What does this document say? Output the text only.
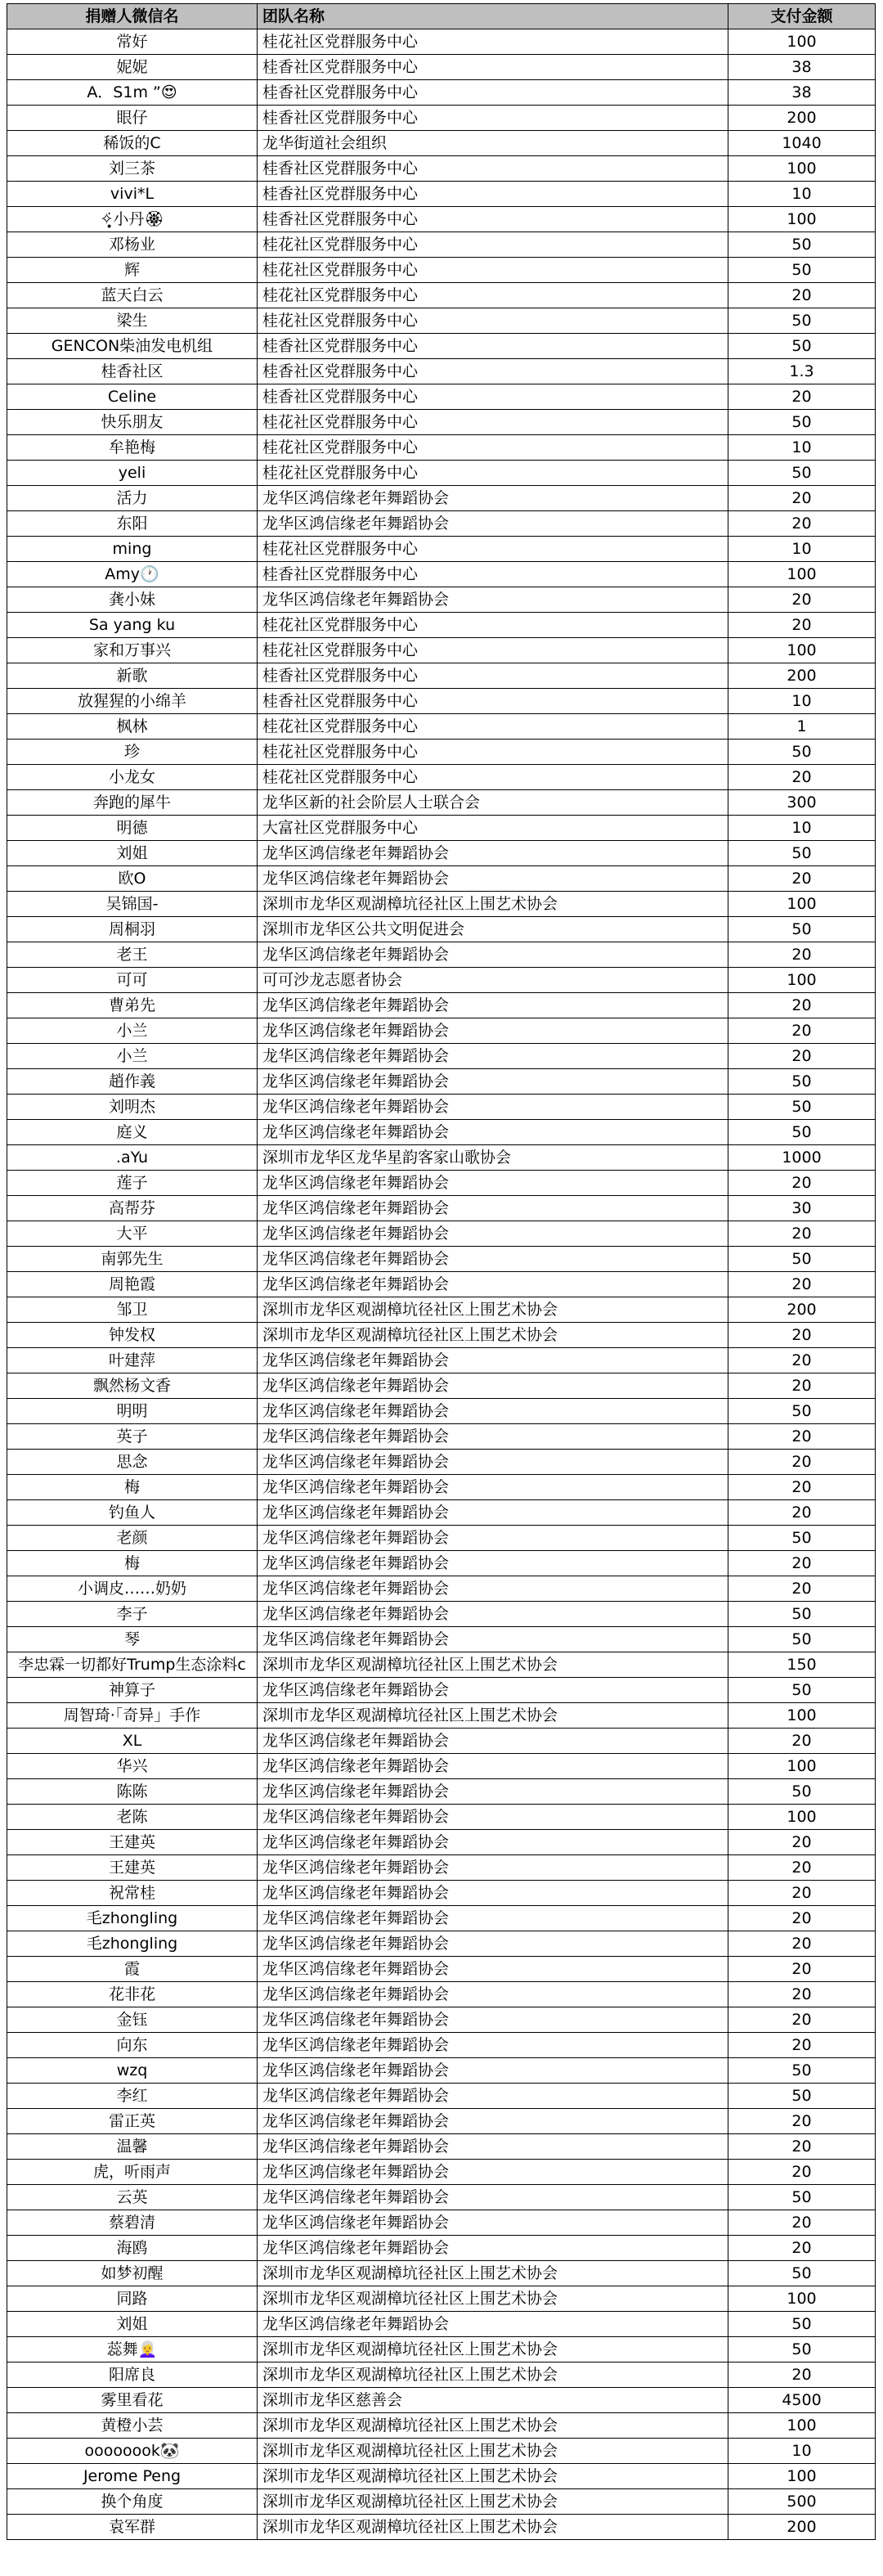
捐赠人微信名	团队名称	支付金额
常好	桂花社区党群服务中心	100
妮妮	桂香社区党群服务中心	38
A．S1m ”😍	桂香社区党群服务中心	38
眼仔	桂香社区党群服务中心	200
稀饭的C	龙华街道社会组织	1040
刘三茶	桂香社区党群服务中心	100
vivi*L	桂香社区党群服务中心	10
✧̣̥̇小丹🏵	桂香社区党群服务中心	100
邓杨业	桂花社区党群服务中心	50
辉	桂花社区党群服务中心	50
蓝天白云	桂花社区党群服务中心	20
梁生	桂花社区党群服务中心	50
GENCON柴油发电机组	桂香社区党群服务中心	50
桂香社区	桂香社区党群服务中心	1.3
Celine	桂香社区党群服务中心	20
快乐朋友	桂花社区党群服务中心	50
牟艳梅	桂花社区党群服务中心	10
yeli	桂花社区党群服务中心	50
活力	龙华区鸿信缘老年舞蹈协会	20
东阳	龙华区鸿信缘老年舞蹈协会	20
ming	桂花社区党群服务中心	10
Amy🕐	桂香社区党群服务中心	100
龚小妹	龙华区鸿信缘老年舞蹈协会	20
Sa yang ku	桂花社区党群服务中心	20
家和万事兴	桂花社区党群服务中心	100
新歌	桂香社区党群服务中心	200
放猩猩的小绵羊	桂香社区党群服务中心	10
枫林	桂花社区党群服务中心	1
珍	桂花社区党群服务中心	50
小龙女	桂花社区党群服务中心	20
奔跑的犀牛	龙华区新的社会阶层人士联合会	300
明德	大富社区党群服务中心	10
刘姐	龙华区鸿信缘老年舞蹈协会	50
欧O	龙华区鸿信缘老年舞蹈协会	20
吴锦国-	深圳市龙华区观湖樟坑径社区上围艺术协会	100
周桐羽	深圳市龙华区公共文明促进会	50
老王	龙华区鸿信缘老年舞蹈协会	20
可可	可可沙龙志愿者协会	100
曹弟先	龙华区鸿信缘老年舞蹈协会	20
小兰	龙华区鸿信缘老年舞蹈协会	20
小兰	龙华区鸿信缘老年舞蹈协会	20
趙作義	龙华区鸿信缘老年舞蹈协会	50
刘明杰	龙华区鸿信缘老年舞蹈协会	50
庭义	龙华区鸿信缘老年舞蹈协会	50
.aYu	深圳市龙华区龙华星韵客家山歌协会	1000
莲子	龙华区鸿信缘老年舞蹈协会	20
高帮芬	龙华区鸿信缘老年舞蹈协会	30
大平	龙华区鸿信缘老年舞蹈协会	20
南郭先生	龙华区鸿信缘老年舞蹈协会	50
周艳霞	龙华区鸿信缘老年舞蹈协会	20
邹卫	深圳市龙华区观湖樟坑径社区上围艺术协会	200
钟发权	深圳市龙华区观湖樟坑径社区上围艺术协会	20
叶建萍	龙华区鸿信缘老年舞蹈协会	20
飘然杨文香	龙华区鸿信缘老年舞蹈协会	20
明明	龙华区鸿信缘老年舞蹈协会	50
英子	龙华区鸿信缘老年舞蹈协会	20
思念	龙华区鸿信缘老年舞蹈协会	20
梅	龙华区鸿信缘老年舞蹈协会	20
钓鱼人	龙华区鸿信缘老年舞蹈协会	20
老颜	龙华区鸿信缘老年舞蹈协会	50
梅	龙华区鸿信缘老年舞蹈协会	20
小调皮……奶奶	龙华区鸿信缘老年舞蹈协会	20
李子	龙华区鸿信缘老年舞蹈协会	50
琴	龙华区鸿信缘老年舞蹈协会	50
李忠霖一切都好Trump生态涂料c	深圳市龙华区观湖樟坑径社区上围艺术协会	150
神算子	龙华区鸿信缘老年舞蹈协会	50
周智琦·「奇异」手作	深圳市龙华区观湖樟坑径社区上围艺术协会	100
XL	龙华区鸿信缘老年舞蹈协会	20
华兴	龙华区鸿信缘老年舞蹈协会	100
陈陈	龙华区鸿信缘老年舞蹈协会	50
老陈	龙华区鸿信缘老年舞蹈协会	100
王建英	龙华区鸿信缘老年舞蹈协会	20
王建英	龙华区鸿信缘老年舞蹈协会	20
祝常桂	龙华区鸿信缘老年舞蹈协会	20
毛zhongling	龙华区鸿信缘老年舞蹈协会	20
毛zhongling	龙华区鸿信缘老年舞蹈协会	20
霞	龙华区鸿信缘老年舞蹈协会	20
花非花	龙华区鸿信缘老年舞蹈协会	20
金钰	龙华区鸿信缘老年舞蹈协会	20
向东	龙华区鸿信缘老年舞蹈协会	20
wzq	龙华区鸿信缘老年舞蹈协会	50
李红	龙华区鸿信缘老年舞蹈协会	50
雷正英	龙华区鸿信缘老年舞蹈协会	20
温馨	龙华区鸿信缘老年舞蹈协会	20
虎，听雨声	龙华区鸿信缘老年舞蹈协会	20
云英	龙华区鸿信缘老年舞蹈协会	50
蔡碧清	龙华区鸿信缘老年舞蹈协会	20
海鸥	龙华区鸿信缘老年舞蹈协会	20
如梦初醒	深圳市龙华区观湖樟坑径社区上围艺术协会	50
同路	深圳市龙华区观湖樟坑径社区上围艺术协会	100
刘姐	龙华区鸿信缘老年舞蹈协会	50
蕊舞👩‍🦳	深圳市龙华区观湖樟坑径社区上围艺术协会	50
阳席良	深圳市龙华区观湖樟坑径社区上围艺术协会	20
雾里看花	深圳市龙华区慈善会	4500
黄橙小芸	深圳市龙华区观湖樟坑径社区上围艺术协会	100
oooooook🐼	深圳市龙华区观湖樟坑径社区上围艺术协会	10
Jerome Peng	深圳市龙华区观湖樟坑径社区上围艺术协会	100
换个角度	深圳市龙华区观湖樟坑径社区上围艺术协会	500
袁军群	深圳市龙华区观湖樟坑径社区上围艺术协会	200
